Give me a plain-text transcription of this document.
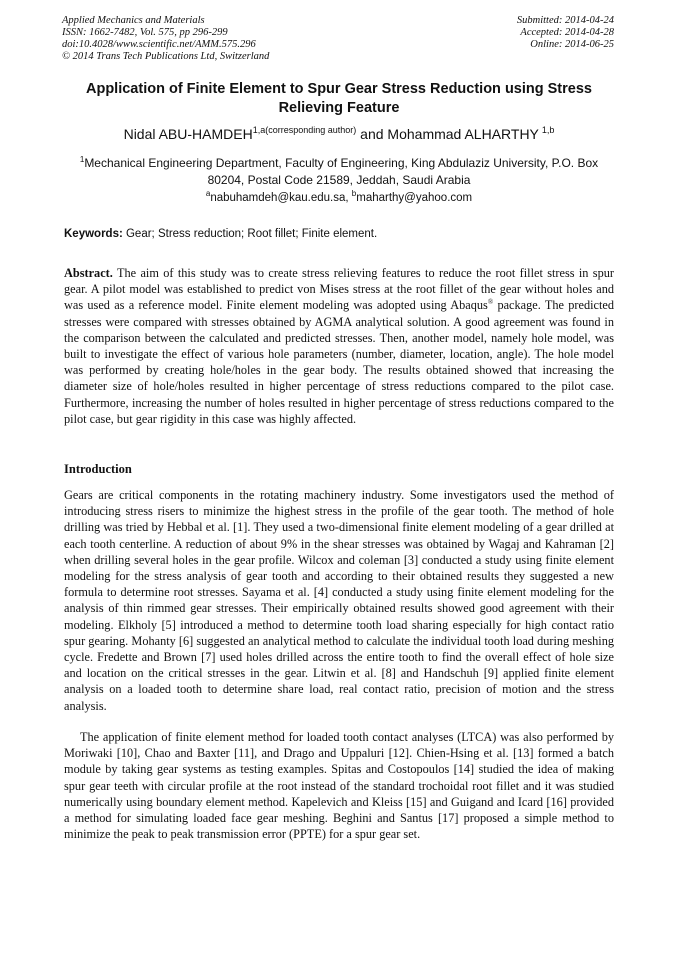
Applied Mechanics and Materials
ISSN: 1662-7482, Vol. 575, pp 296-299
doi:10.4028/www.scientific.net/AMM.575.296
© 2014 Trans Tech Publications Ltd, Switzerland
Submitted: 2014-04-24
Accepted: 2014-04-28
Online: 2014-06-25
Application of Finite Element to Spur Gear Stress Reduction using Stress Relieving Feature
Nidal ABU-$HAMDEH^{1,a(corresponding author)}$ and Mohammad ALHARTHY $^{1,b}$
$^1$Mechanical Engineering Department, Faculty of Engineering, King Abdulaziz University, P.O. Box 80204, Postal Code 21589, Jeddah, Saudi Arabia
$^a$nabuhamdeh@kau.edu.sa, $^b$maharthy@yahoo.com
Keywords: Gear; Stress reduction; Root fillet; Finite element.

Abstract. The aim of this study was to create stress relieving features to reduce the root fillet stress in spur gear. A pilot model was established to predict von Mises stress at the root fillet of the gear without holes and was used as a reference model. Finite element modeling was adopted using Abaqus® package. The predicted stresses were compared with stresses obtained by AGMA analytical solution. A good agreement was found in the comparison between the calculated and predicted stresses. Then, another model, namely hole model, was built to investigate the effect of various hole parameters (number, diameter, location, angle). The hole model was performed by creating hole/holes in the gear body. The results obtained showed that increasing the diameter size of hole/holes resulted in higher percentage of stress reductions compared to the pilot case. Furthermore, increasing the number of holes resulted in higher percentage of stress reductions compared to the pilot case, but gear rigidity in this case was highly affected.

Introduction

Gears are critical components in the rotating machinery industry. Some investigators used the method of introducing stress risers to minimize the highest stress in the profile of the gear tooth. The method of hole drilling was tried by Hebbal et al. [1]. They used a two-dimensional finite element modeling of a gear drilled at each tooth centerline. A reduction of about 9% in the shear stresses was obtained by Wagaj and Kahraman [2] when drilling several holes in the gear profile. Wilcox and coleman [3] conducted a study using finite element modeling for the stress analysis of gear tooth and according to their obtained results they suggested a new formula to determine root stresses. Sayama et al. [4] conducted a study using finite element modeling for the analysis of thin rimmed gear stresses. Their empirically obtained results showed good agreement with their modeling. Elkholy [5] introduced a method to determine tooth load sharing especially for high contact ratio spur gearing. Mohanty [6] suggested an analytical method to calculate the individual tooth load during meshing cycle. Fredette and Brown [7] used holes drilled across the entire tooth to find the overall effect of hole size and location on the critical stresses in the gear. Litwin et al. [8] and Handschuh [9] applied finite element analysis on a loaded tooth to determine share load, real contact ratio, precision of motion and the stress analysis.

The application of finite element method for loaded tooth contact analyses (LTCA) was also performed by Moriwaki [10], Chao and Baxter [11], and Drago and Uppaluri [12]. Chien-Hsing et al. [13] formed a batch module by taking gear systems as testing examples. Spitas and Costopoulos [14] studied the idea of making spur gear teeth with circular profile at the root instead of the standard trochoidal root fillet and it was studied numerically using boundary element method. Kapelevich and Kleiss [15] and Guigand and Icard [16] provided a method for simulating loaded face gear meshing. Beghini and Santus [17] proposed a simple method to minimize the peak to peak transmission error (PPTE) for a spur gear set.
